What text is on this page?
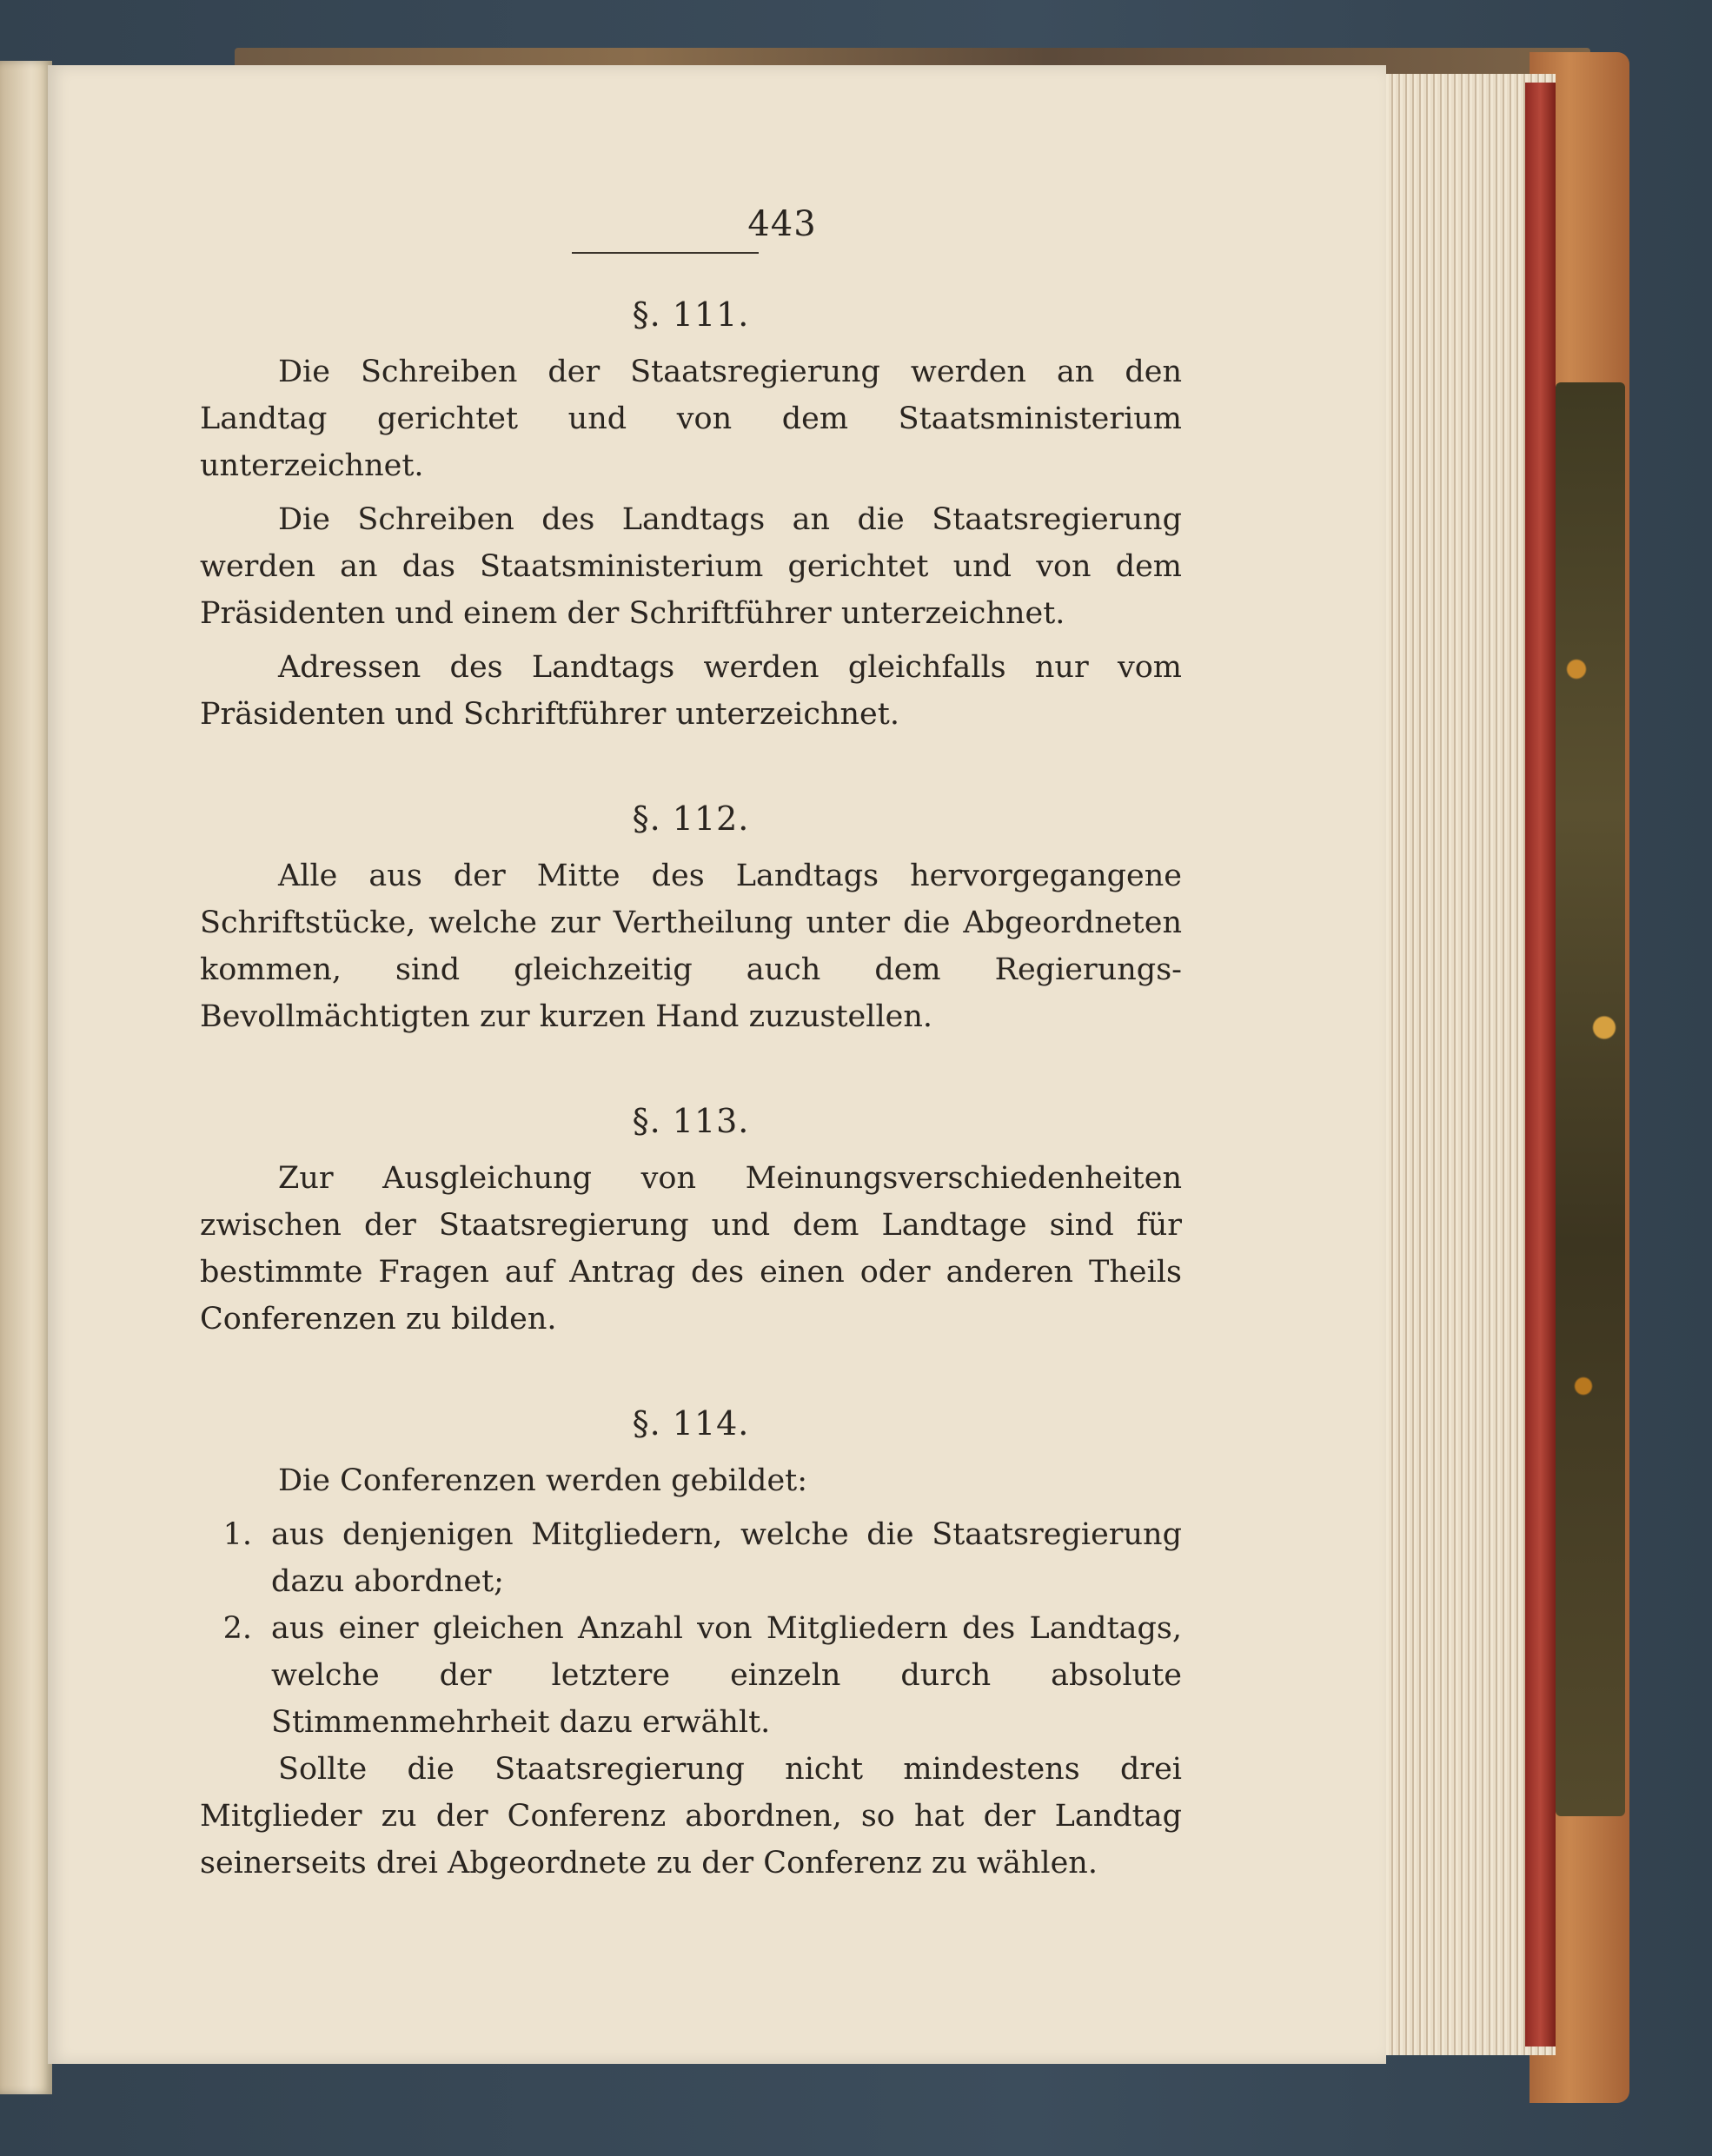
443
§. 111.

Die Schreiben der Staatsregierung werden an den Landtag gerichtet und von dem Staatsministerium unterzeichnet.

Die Schreiben des Landtags an die Staatsregierung werden an das Staatsministerium gerichtet und von dem Präsidenten und einem der Schriftführer unterzeichnet.

Adressen des Landtags werden gleichfalls nur vom Präsidenten und Schriftführer unterzeichnet.

§. 112.

Alle aus der Mitte des Landtags hervorgegangene Schriftstücke, welche zur Vertheilung unter die Abgeordneten kommen, sind gleichzeitig auch dem Regierungs-Bevollmächtigten zur kurzen Hand zuzustellen.

§. 113.

Zur Ausgleichung von Meinungsverschiedenheiten zwischen der Staatsregierung und dem Landtage sind für bestimmte Fragen auf Antrag des einen oder anderen Theils Conferenzen zu bilden.

§. 114.

Die Conferenzen werden gebildet:

1. aus denjenigen Mitgliedern, welche die Staatsregierung dazu abordnet;
2. aus einer gleichen Anzahl von Mitgliedern des Landtags, welche der letztere einzeln durch absolute Stimmenmehrheit dazu erwählt.

Sollte die Staatsregierung nicht mindestens drei Mitglieder zu der Conferenz abordnen, so hat der Landtag seinerseits drei Abgeordnete zu der Conferenz zu wählen.
